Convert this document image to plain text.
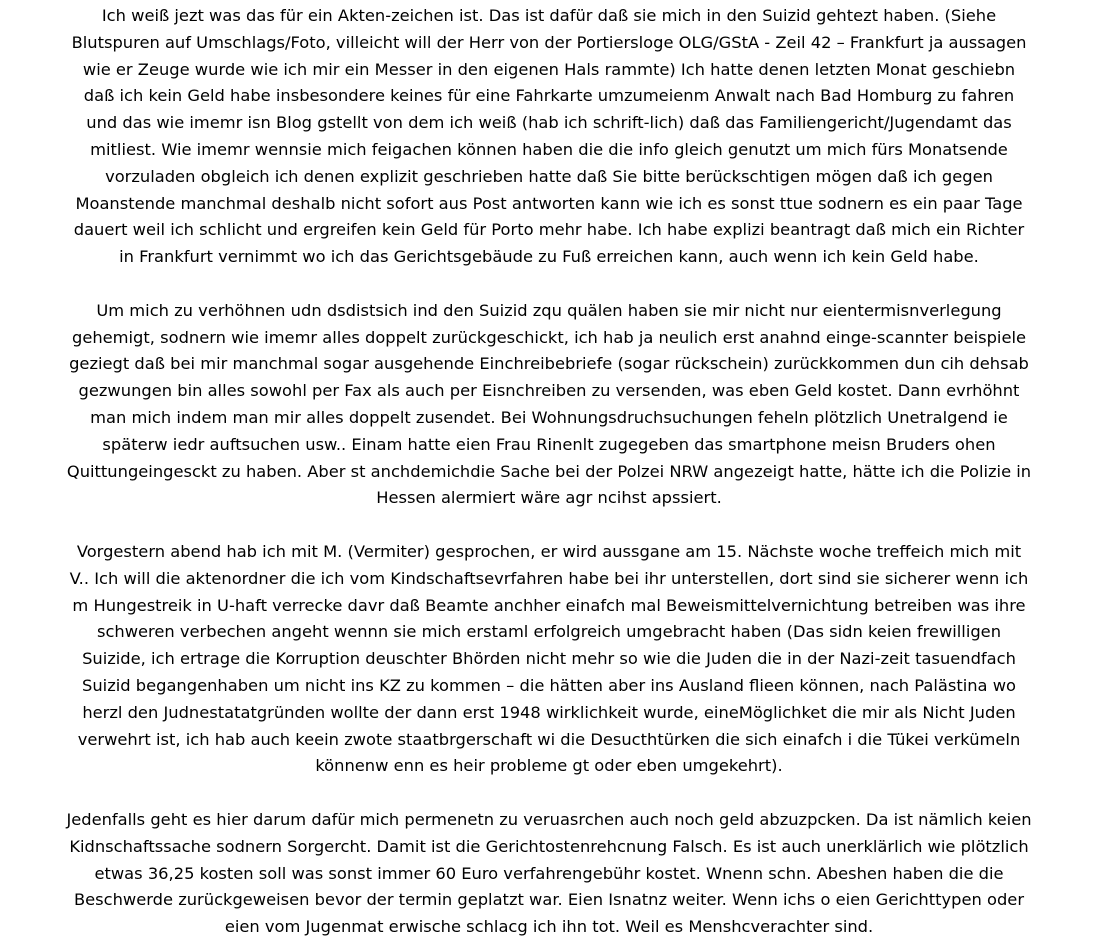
Ich weiß jezt was das für ein Akten-zeichen ist. Das ist dafür daß sie mich in den Suizid gehtezt haben. (Siehe
Blutspuren auf Umschlags/Foto, villeicht will der Herr von der Portiersloge OLG/GStA - Zeil 42 – Frankfurt ja aussagen
wie er Zeuge wurde wie ich mir ein Messer in den eigenen Hals rammte) Ich hatte denen letzten Monat geschiebn
daß ich kein Geld habe insbesondere keines für eine Fahrkarte umzumeienm Anwalt nach Bad Homburg zu fahren
und das wie imemr isn Blog gstellt von dem ich weiß (hab ich schrift-lich) daß das Familiengericht/Jugendamt das
mitliest. Wie imemr wennsie mich feigachen können haben die die info gleich genutzt um mich fürs Monatsende
vorzuladen obgleich ich denen explizit geschrieben hatte daß Sie bitte berückschtigen mögen daß ich gegen
Moanstende manchmal deshalb nicht sofort aus Post antworten kann wie ich es sonst ttue sodnern es ein paar Tage
dauert weil ich schlicht und ergreifen kein Geld für Porto mehr habe. Ich habe explizi beantragt daß mich ein Richter
in Frankfurt vernimmt wo ich das Gerichtsgebäude zu Fuß erreichen kann, auch wenn ich kein Geld habe.

Um mich zu verhöhnen udn dsdistsich ind den Suizid zqu quälen haben sie mir nicht nur eientermisnverlegung
gehemigt, sodnern wie imemr alles doppelt zurückgeschickt, ich hab ja neulich erst anahnd einge-scannter beispiele
geziegt daß bei mir manchmal sogar ausgehende Einchreibebriefe (sogar rückschein) zurückkommen dun cih dehsab
gezwungen bin alles sowohl per Fax als auch per Eisnchreiben zu versenden, was eben Geld kostet. Dann evrhöhnt
man mich indem man mir alles doppelt zusendet. Bei Wohnungsdruchsuchungen feheln plötzlich Unetralgend ie
späterw iedr auftsuchen usw.. Einam hatte eien Frau Rinenlt zugegeben das smartphone meisn Bruders ohen
Quittungeingesckt zu haben. Aber st anchdemichdie Sache bei der Polzei NRW angezeigt hatte, hätte ich die Polizie in
Hessen alermiert wäre agr ncihst apssiert.

Vorgestern abend hab ich mit M. (Vermiter) gesprochen, er wird aussgane am 15. Nächste woche treffeich mich mit
V.. Ich will die aktenordner die ich vom Kindschaftsevrfahren habe bei ihr unterstellen, dort sind sie sicherer wenn ich
m Hungestreik in U-haft verrecke davr daß Beamte anchher einafch mal Beweismittelvernichtung betreiben was ihre
schweren verbechen angeht wennn sie mich erstaml erfolgreich umgebracht haben (Das sidn keien frewilligen
Suizide, ich ertrage die Korruption deuschter Bhörden nicht mehr so wie die Juden die in der Nazi-zeit tasuendfach
Suizid begangenhaben um nicht ins KZ zu kommen – die hätten aber ins Ausland flieen können, nach Palästina wo
herzl den Judnestatatgründen wollte der dann erst 1948 wirklichkeit wurde, eineMöglichket die mir als Nicht Juden
verwehrt ist, ich hab auch keein zwote staatbrgerschaft wi die Desucthtürken die sich einafch i die Tükei verkümeln
könnenw enn es heir probleme gt oder eben umgekehrt).

Jedenfalls geht es hier darum dafür mich permenetn zu veruasrchen auch noch geld abzuzpcken. Da ist nämlich keien
Kidnschaftssache sodnern Sorgercht. Damit ist die Gerichtostenrehcnung Falsch. Es ist auch unerklärlich wie plötzlich
etwas 36,25 kosten soll was sonst immer 60 Euro verfahrengebühr kostet. Wnenn schn. Abeshen haben die die
Beschwerde zurückgeweisen bevor der termin geplatzt war. Eien Isnatnz weiter. Wenn ichs o eien Gerichttypen oder
eien vom Jugenmat erwische schlacg ich ihn tot. Weil es Menshcverachter sind.
